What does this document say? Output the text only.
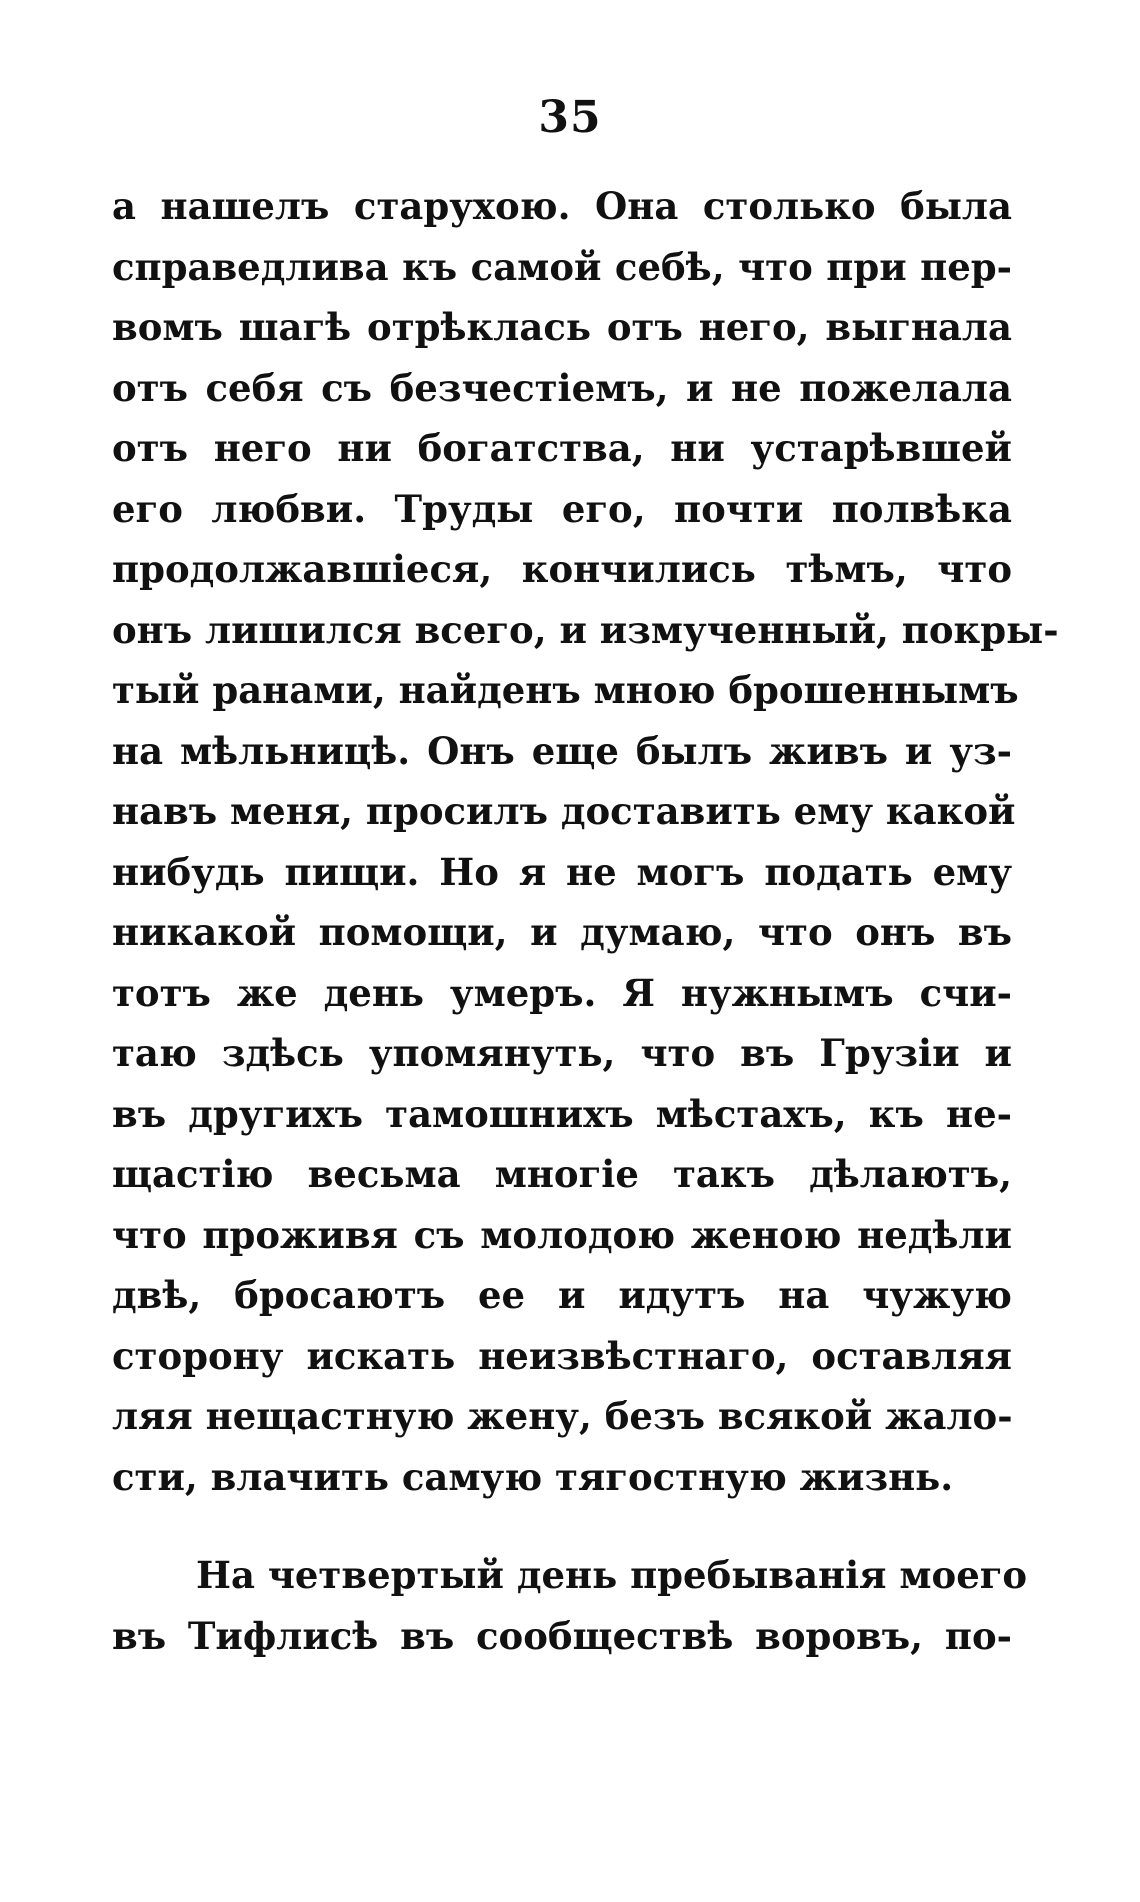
35
а нашелъ старухою. Она столько была
справедлива къ самой себѣ, что при пер-
вомъ шагѣ отрѣклась отъ него, выгнала
отъ себя съ безчестіемъ, и не пожелала
отъ него ни богатства, ни устарѣвшей
его любви. Труды его, почти полвѣка
продолжавшіеся, кончились тѣмъ, что
онъ лишился всего, и измученный, покры-
тый ранами, найденъ мною брошеннымъ
на мѣльницѣ. Онъ еще былъ живъ и уз-
навъ меня, просилъ доставить ему какой
нибудь пищи. Но я не могъ подать ему
никакой помощи, и думаю, что онъ въ
тотъ же день умеръ. Я нужнымъ счи-
таю здѣсь упомянуть, что въ Грузіи и
въ другихъ тамошнихъ мѣстахъ, къ не-
щастію весьма многіе такъ дѣлаютъ,
что проживя съ молодою женою недѣли
двѣ, бросаютъ ее и идутъ на чужую
сторону искать неизвѣстнаго, оставляя
ляя нещастную жену, безъ всякой жало-
сти, влачить самую тягостную жизнь.
На четвертый день пребыванія моего
въ Тифлисѣ въ сообществѣ воровъ, по-
